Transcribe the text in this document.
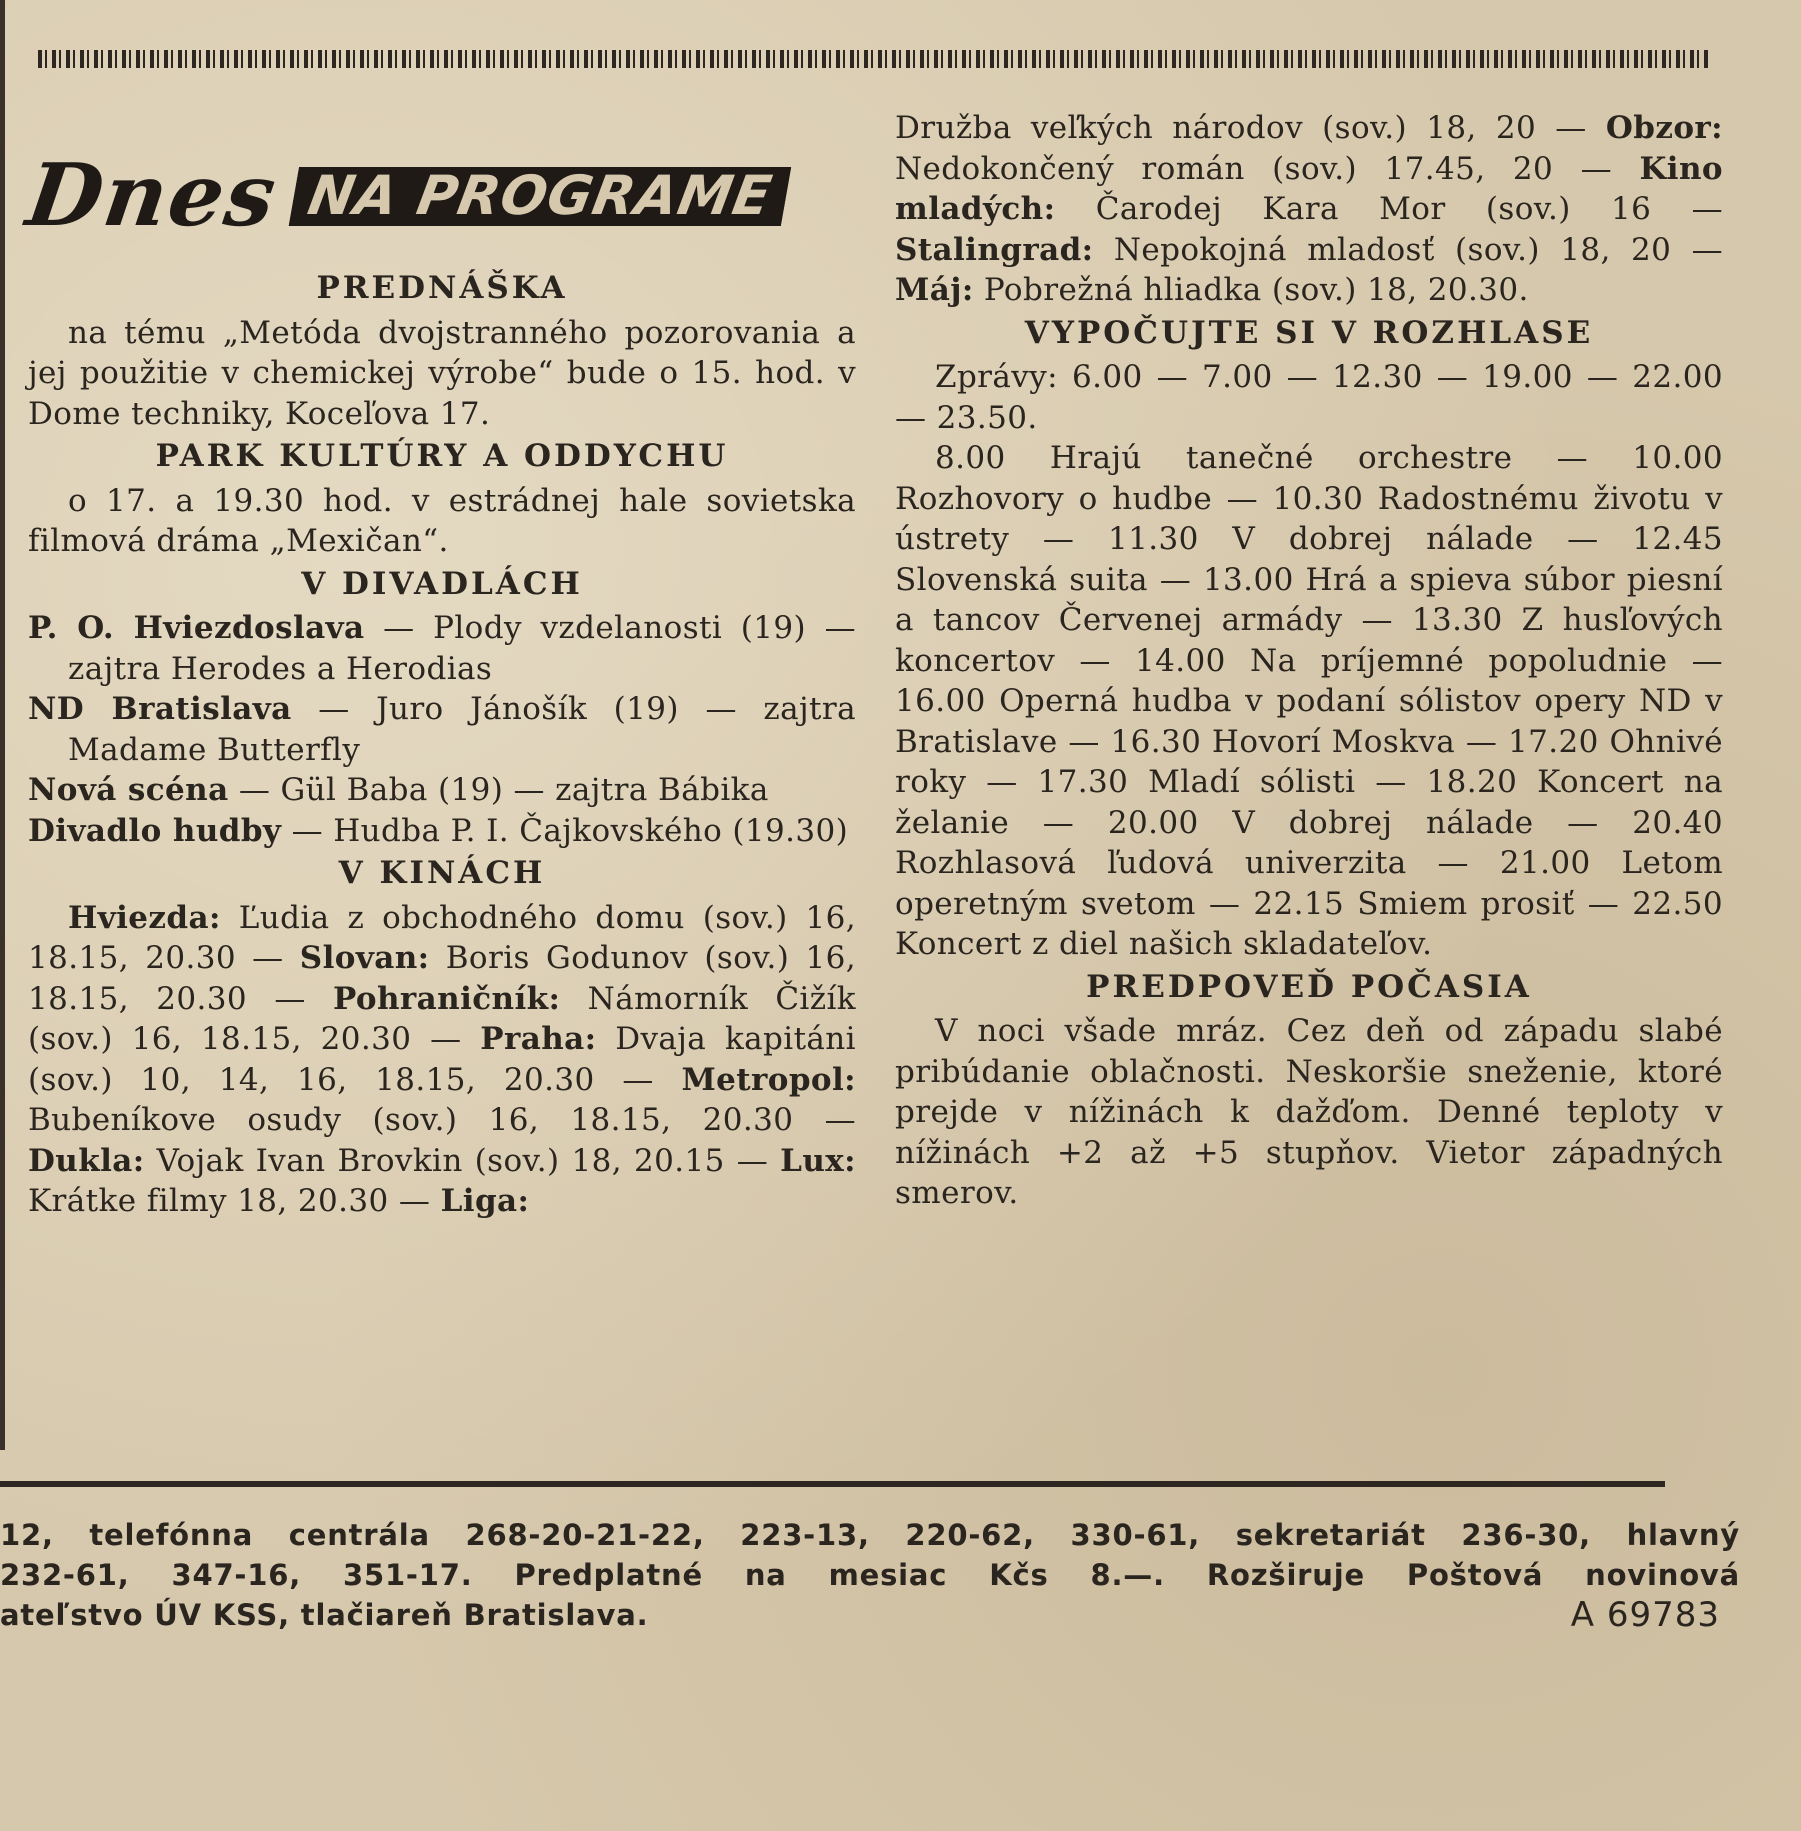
Dnes NA PROGRAME
PREDNÁŠKA

na tému „Metóda dvojstranného pozorovania a jej použitie v chemickej výrobe“ bude o 15. hod. v Dome techniky, Koceľova 17.

PARK KULTÚRY A ODDYCHU

o 17. a 19.30 hod. v estrádnej hale sovietska filmová dráma „Mexičan“.

V DIVADLÁCH

P. O. Hviezdoslava — Plody vzdelanosti (19) — zajtra Herodes a Herodias

ND Bratislava — Juro Jánošík (19) — zajtra Madame Butterfly

Nová scéna — Gül Baba (19) — zajtra Bábika

Divadlo hudby — Hudba P. I. Čajkovského (19.30)

V KINÁCH

Hviezda: Ľudia z obchodného domu (sov.) 16, 18.15, 20.30 — Slovan: Boris Godunov (sov.) 16, 18.15, 20.30 — Pohraničník: Námorník Čižík (sov.) 16, 18.15, 20.30 — Praha: Dvaja kapitáni (sov.) 10, 14, 16, 18.15, 20.30 — Metropol: Bubeníkove osudy (sov.) 16, 18.15, 20.30 — Dukla: Vojak Ivan Brovkin (sov.) 18, 20.15 — Lux: Krátke filmy 18, 20.30 — Liga:

Družba veľkých národov (sov.) 18, 20 — Obzor: Nedokončený román (sov.) 17.45, 20 — Kino mladých: Čarodej Kara Mor (sov.) 16 — Stalingrad: Nepokojná mladosť (sov.) 18, 20 — Máj: Pobrežná hliadka (sov.) 18, 20.30.

VYPOČUJTE SI V ROZHLASE

Zprávy: 6.00 — 7.00 — 12.30 — 19.00 — 22.00 — 23.50.

8.00 Hrajú tanečné orchestre — 10.00 Rozhovory o hudbe — 10.30 Radostnému životu v ústrety — 11.30 V dobrej nálade — 12.45 Slovenská suita — 13.00 Hrá a spieva súbor piesní a tancov Červenej armády — 13.30 Z husľových koncertov — 14.00 Na príjemné popoludnie — 16.00 Operná hudba v podaní sólistov opery ND v Bratislave — 16.30 Hovorí Moskva — 17.20 Ohnivé roky — 17.30 Mladí sólisti — 18.20 Koncert na želanie — 20.00 V dobrej nálade — 20.40 Rozhlasová ľudová univerzita — 21.00 Letom operetným svetom — 22.15 Smiem prosiť — 22.50 Koncert z diel našich skladateľov.

PREDPOVEĎ POČASIA

V noci všade mráz. Cez deň od západu slabé pribúdanie oblačnosti. Neskoršie sneženie, ktoré prejde v nížinách k dažďom. Denné teploty v nížinách +2 až +5 stupňov. Vietor západných smerov.

12, telefónna centrála 268-20-21-22, 223-13, 220-62, 330-61, sekretariát 236-30, hlavný

232-61, 347-16, 351-17. Predplatné na mesiac Kčs 8.—. Rozširuje Poštová novinová

ateľstvo ÚV KSS, tlačiareň Bratislava.	A 69783
